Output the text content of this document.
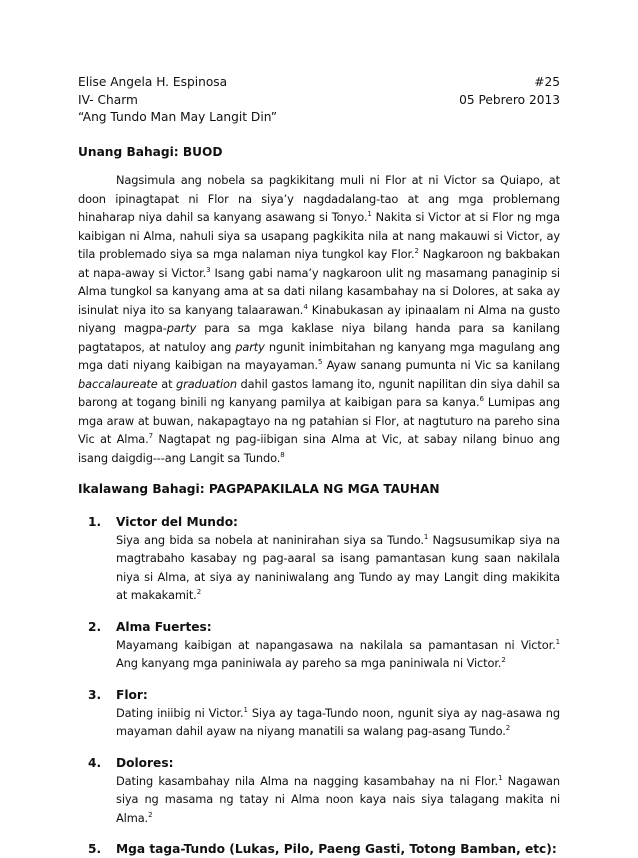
Elise Angela H. Espinosa	#25
IV- Charm	05 Pebrero 2013
“Ang Tundo Man May Langit Din”
Unang Bahagi: BUOD

Nagsimula ang nobela sa pagkikitang muli ni Flor at ni Victor sa Quiapo, at doon ipinagtapat ni Flor na siya’y nagdadalang-tao at ang mga problemang hinaharap niya dahil sa kanyang asawang si Tonyo.$^1$ Nakita si Victor at si Flor ng mga kaibigan ni Alma, nahuli siya sa usapang pagkikita nila at nang makauwi si Victor, ay tila problemado siya sa mga nalaman niya tungkol kay Flor.$^2$ Nagkaroon ng bakbakan at napa-away si Victor.$^3$ Isang gabi nama’y nagkaroon ulit ng masamang panaginip si Alma tungkol sa kanyang ama at sa dati nilang kasambahay na si Dolores, at saka ay isinulat niya ito sa kanyang talaarawan.$^4$ Kinabukasan ay ipinaalam ni Alma na gusto niyang magpa-party para sa mga kaklase niya bilang handa para sa kanilang pagtatapos, at natuloy ang party ngunit inimbitahan ng kanyang mga magulang ang mga dati niyang kaibigan na mayayaman.$^5$ Ayaw sanang pumunta ni Vic sa kanilang baccalaureate at graduation dahil gastos lamang ito, ngunit napilitan din siya dahil sa barong at togang binili ng kanyang pamilya at kaibigan para sa kanya.$^6$ Lumipas ang mga araw at buwan, nakapagtayo na ng patahian si Flor, at nagtuturo na pareho sina Vic at Alma.$^7$ Nagtapat ng pag-iibigan sina Alma at Vic, at sabay nilang binuo ang isang daigdig---ang Langit sa Tundo.$^8$

Ikalawang Bahagi: PAGPAPAKILALA NG MGA TAUHAN
1. Victor del Mundo:
Siya ang bida sa nobela at naninirahan siya sa Tundo.$^1$ Nagsusumikap siya na magtrabaho kasabay ng pag-aaral sa isang pamantasan kung saan nakilala niya si Alma, at siya ay naniniwalang ang Tundo ay may Langit ding makikita at makakamit.$^2$
2. Alma Fuertes:
Mayamang kaibigan at napangasawa na nakilala sa pamantasan ni Victor.$^1$ Ang kanyang mga paniniwala ay pareho sa mga paniniwala ni Victor.$^2$
3. Flor:
Dating iniibig ni Victor.$^1$ Siya ay taga-Tundo noon, ngunit siya ay nag-asawa ng mayaman dahil ayaw na niyang manatili sa walang pag-asang Tundo.$^2$
4. Dolores:
Dating kasambahay nila Alma na nagging kasambahay na ni Flor.$^1$ Nagawan siya ng masama ng tatay ni Alma noon kaya nais siya talagang makita ni Alma.$^2$
5. Mga taga-Tundo (Lukas, Pilo, Paeng Gasti, Totong Bamban, etc):
